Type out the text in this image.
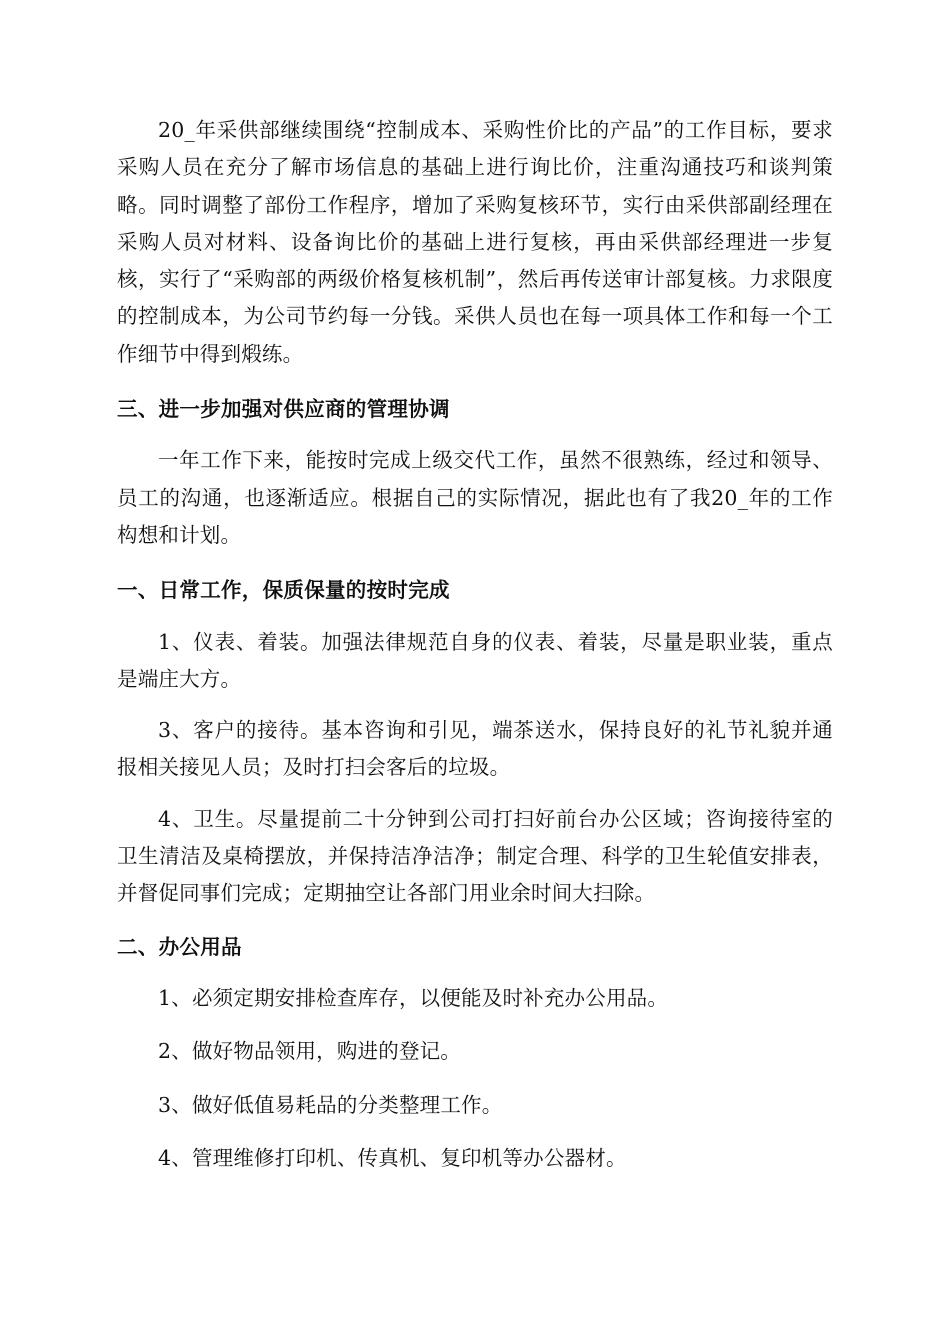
20_年采供部继续围绕“控制成本、采购性价比的产品”的工作目标，要求采购人员在充分了解市场信息的基础上进行询比价，注重沟通技巧和谈判策略。同时调整了部份工作程序，增加了采购复核环节，实行由采供部副经理在采购人员对材料、设备询比价的基础上进行复核，再由采供部经理进一步复核，实行了“采购部的两级价格复核机制”，然后再传送审计部复核。力求限度的控制成本，为公司节约每一分钱。采供人员也在每一项具体工作和每一个工作细节中得到煅练。

三、进一步加强对供应商的管理协调

一年工作下来，能按时完成上级交代工作，虽然不很熟练，经过和领导、员工的沟通，也逐渐适应。根据自己的实际情况，据此也有了我20_年的工作构想和计划。

一、日常工作，保质保量的按时完成

1、仪表、着装。加强法律规范自身的仪表、着装，尽量是职业装，重点是端庄大方。

3、客户的接待。基本咨询和引见，端茶送水，保持良好的礼节礼貌并通报相关接见人员；及时打扫会客后的垃圾。

4、卫生。尽量提前二十分钟到公司打扫好前台办公区域；咨询接待室的卫生清洁及桌椅摆放，并保持洁净洁净；制定合理、科学的卫生轮值安排表，并督促同事们完成；定期抽空让各部门用业余时间大扫除。

二、办公用品

1、必须定期安排检查库存，以便能及时补充办公用品。

2、做好物品领用，购进的登记。

3、做好低值易耗品的分类整理工作。

4、管理维修打印机、传真机、复印机等办公器材。
